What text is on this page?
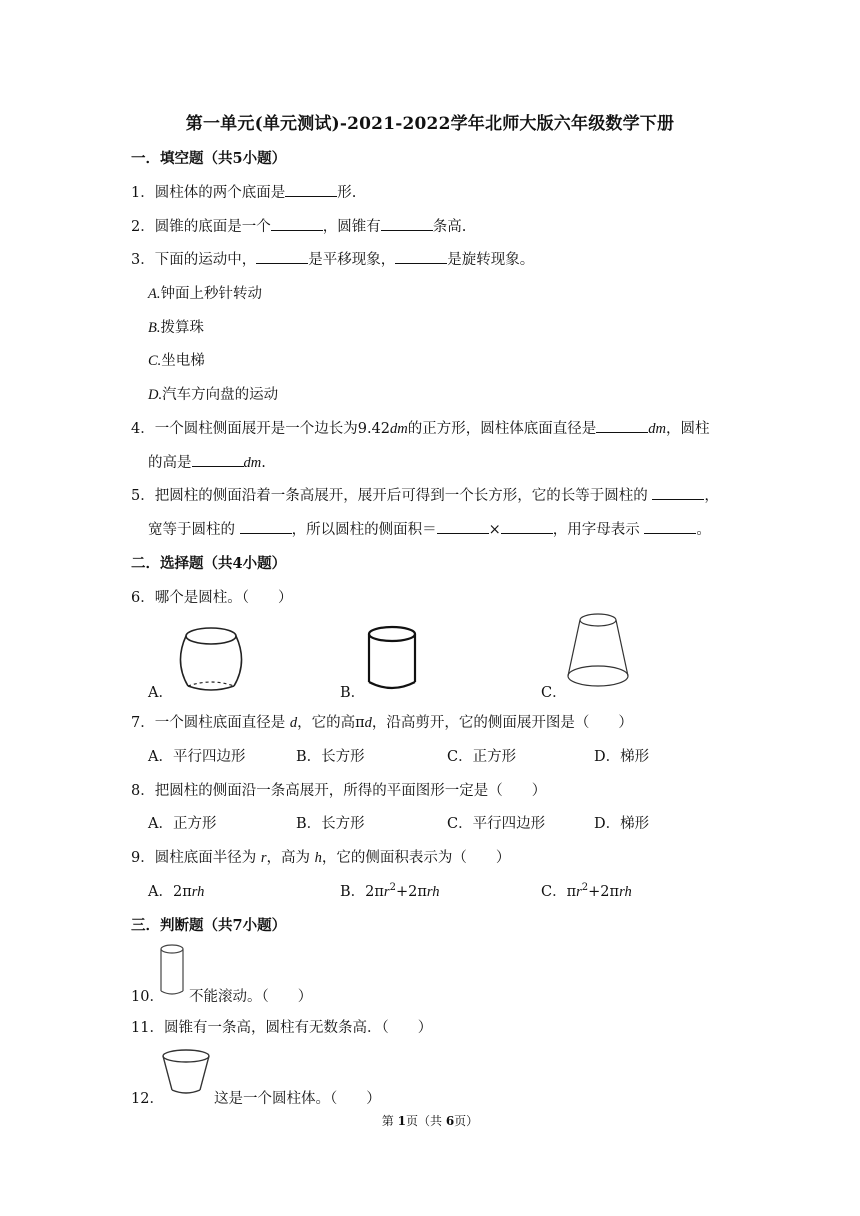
第一单元(单元测试)-2021-2022学年北师大版六年级数学下册
一．填空题（共5小题）
1．圆柱体的两个底面是	形.
2．圆锥的底面是一个	，圆锥有	条高.
3．下面的运动中，	是平移现象，	是旋转现象。
A.钟面上秒针转动
B.拨算珠
C.坐电梯
D.汽车方向盘的运动
4．一个圆柱侧面展开是一个边长为9.42dm的正方形，圆柱体底面直径是	dm，圆柱
的高是	dm.
5．把圆柱的侧面沿着一条高展开，展开后可得到一个长方形，它的长等于圆柱的	，
宽等于圆柱的	，所以圆柱的侧面积＝	×	，用字母表示	。
二．选择题（共4小题）
6．哪个是圆柱。（　　）
A．	B．	C．
7．一个圆柱底面直径是 d，它的高πd，沿高剪开，它的侧面展开图是（　　）
A．平行四边形	B．长方形	C．正方形	D．梯形
8．把圆柱的侧面沿一条高展开，所得的平面图形一定是（　　）
A．正方形	B．长方形	C．平行四边形	D．梯形
9．圆柱底面半径为 r，高为 h，它的侧面积表示为（　　）
A．2πrh	B．$2\pi r^2+2\pi rh$	C．$\pi r^2+2\pi rh$
三．判断题（共7小题）
10． 不能滚动。（　　）
11．圆锥有一条高，圆柱有无数条高．（　　）
12．	这是一个圆柱体。（　　）
第 1页（共 6页）
